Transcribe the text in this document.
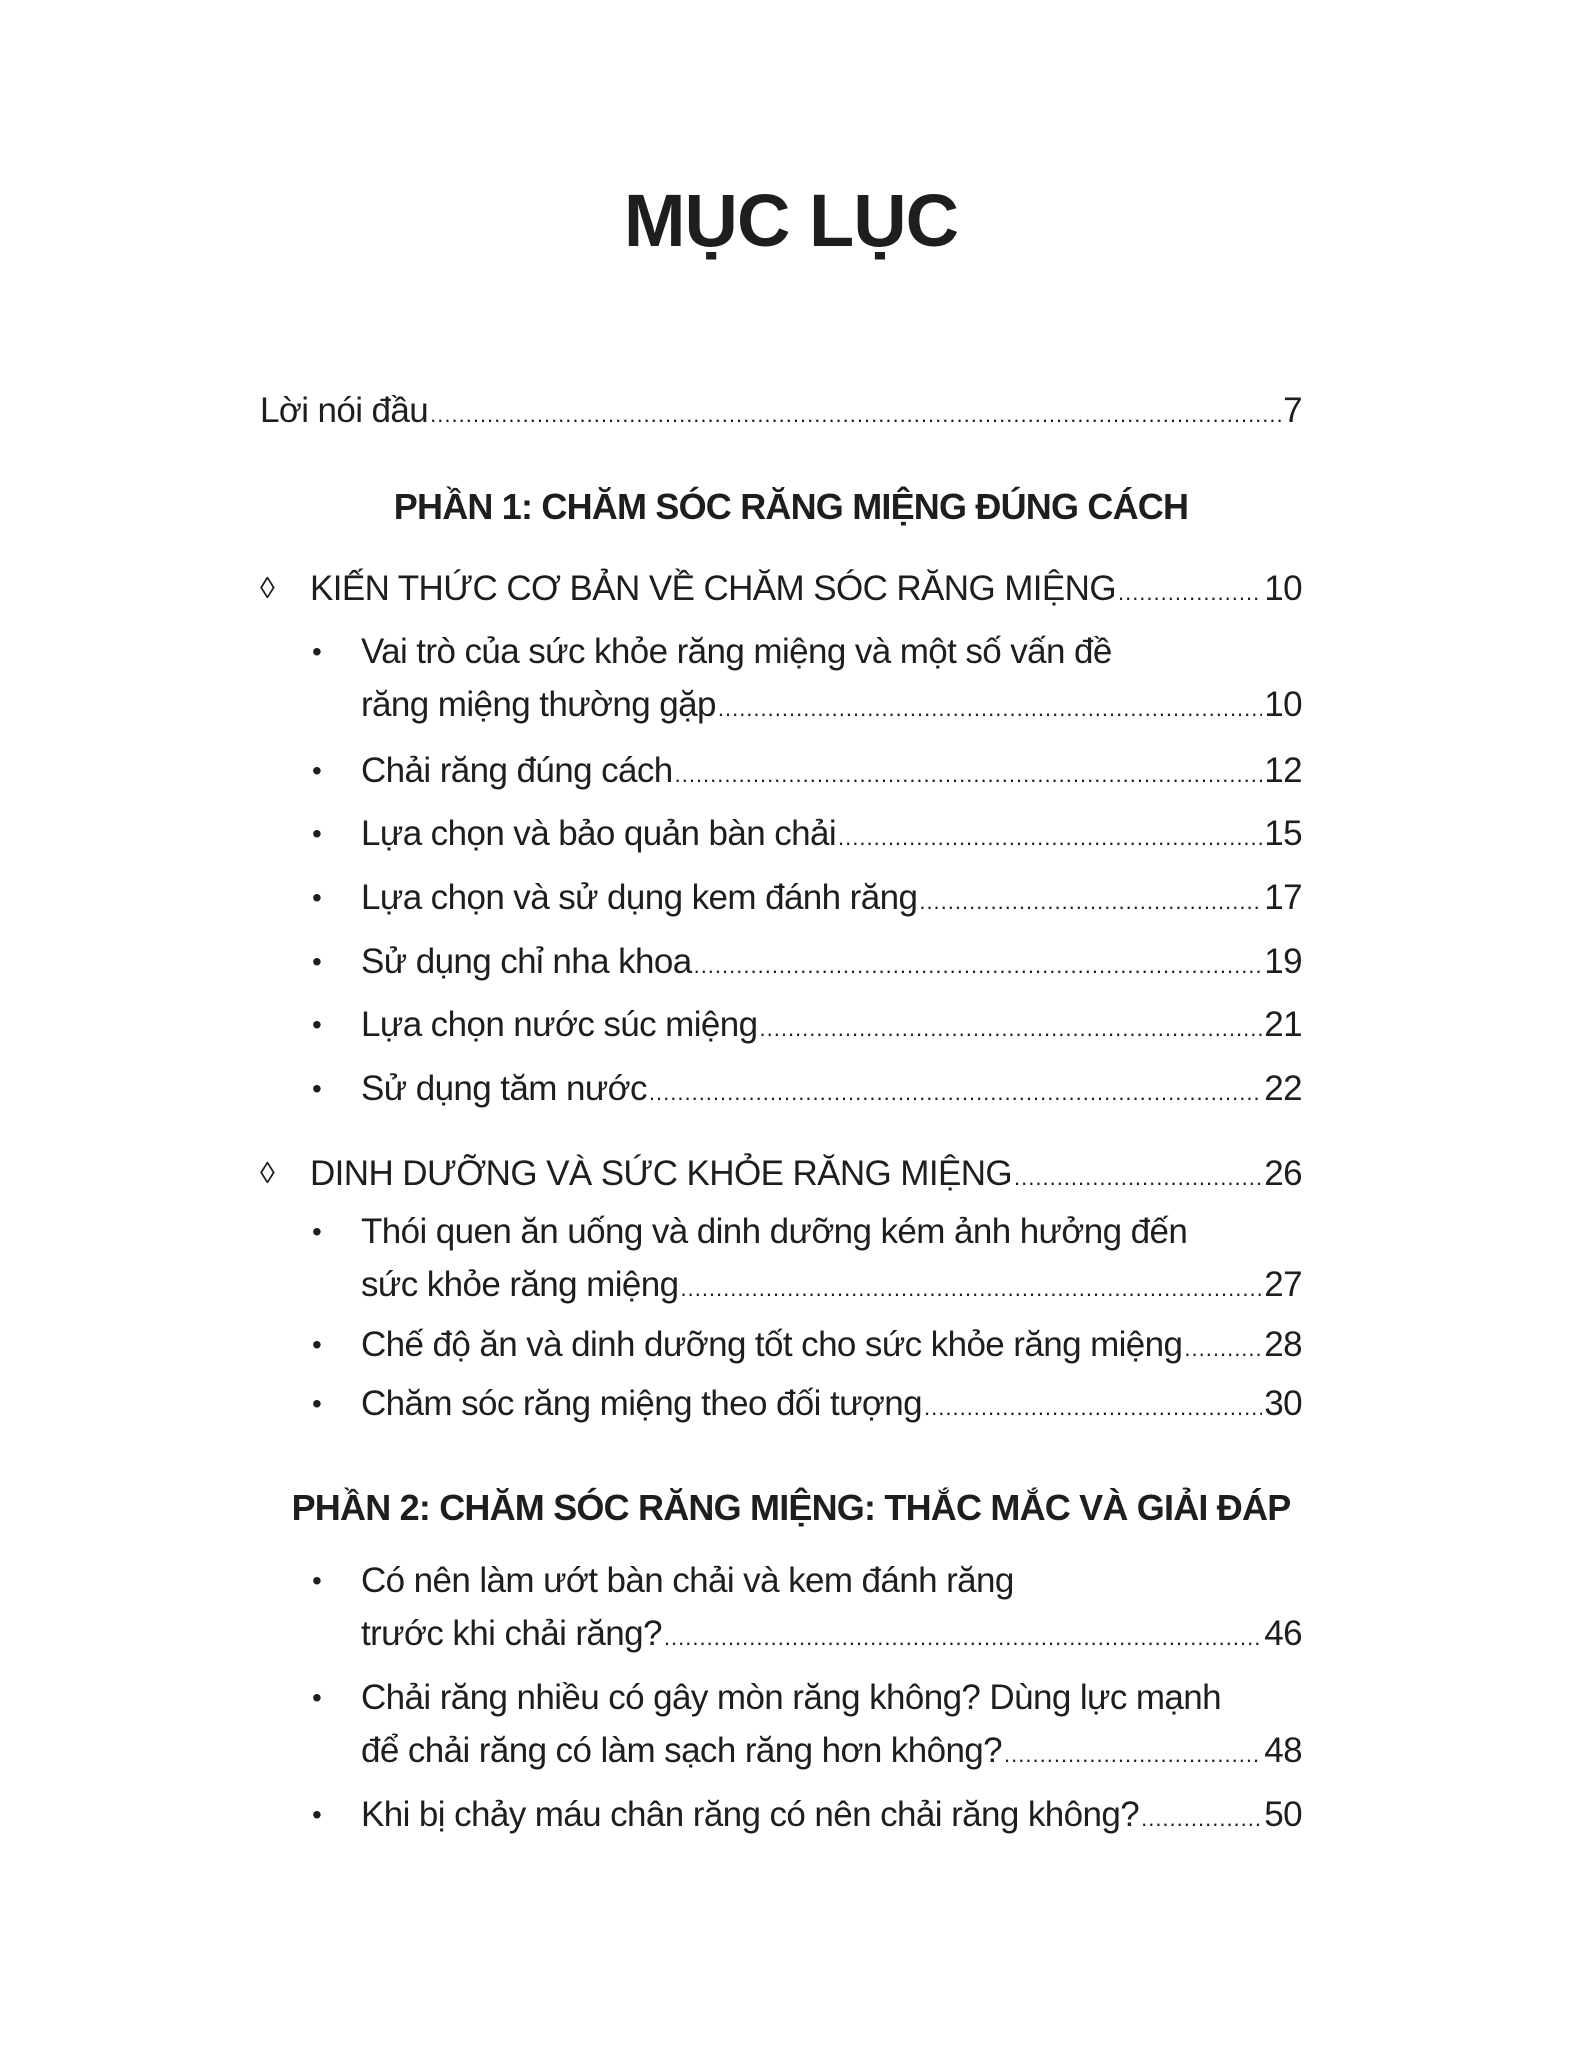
MỤC LỤC
Lời nói đầu .....	7
PHẦN 1: CHĂM SÓC RĂNG MIỆNG ĐÚNG CÁCH
◊ KIẾN THỨC CƠ BẢN VỀ CHĂM SÓC RĂNG MIỆNG .....	10
• Vai trò của sức khỏe răng miệng và một số vấn đề
răng miệng thường gặp .....	10
• Chải răng đúng cách .....	12
• Lựa chọn và bảo quản bàn chải .....	15
• Lựa chọn và sử dụng kem đánh răng .....	17
• Sử dụng chỉ nha khoa .....	19
• Lựa chọn nước súc miệng .....	21
• Sử dụng tăm nước .....	22
◊ DINH DƯỠNG VÀ SỨC KHỎE RĂNG MIỆNG .....	26
• Thói quen ăn uống và dinh dưỡng kém ảnh hưởng đến
sức khỏe răng miệng .....	27
• Chế độ ăn và dinh dưỡng tốt cho sức khỏe răng miệng ..... 28
• Chăm sóc răng miệng theo đối tượng .....	30
PHẦN 2: CHĂM SÓC RĂNG MIỆNG: THẮC MẮC VÀ GIẢI ĐÁP
• Có nên làm ướt bàn chải và kem đánh răng
trước khi chải răng? .....	46
• Chải răng nhiều có gây mòn răng không? Dùng lực mạnh
để chải răng có làm sạch răng hơn không? .....	48
• Khi bị chảy máu chân răng có nên chải răng không? .....	50
